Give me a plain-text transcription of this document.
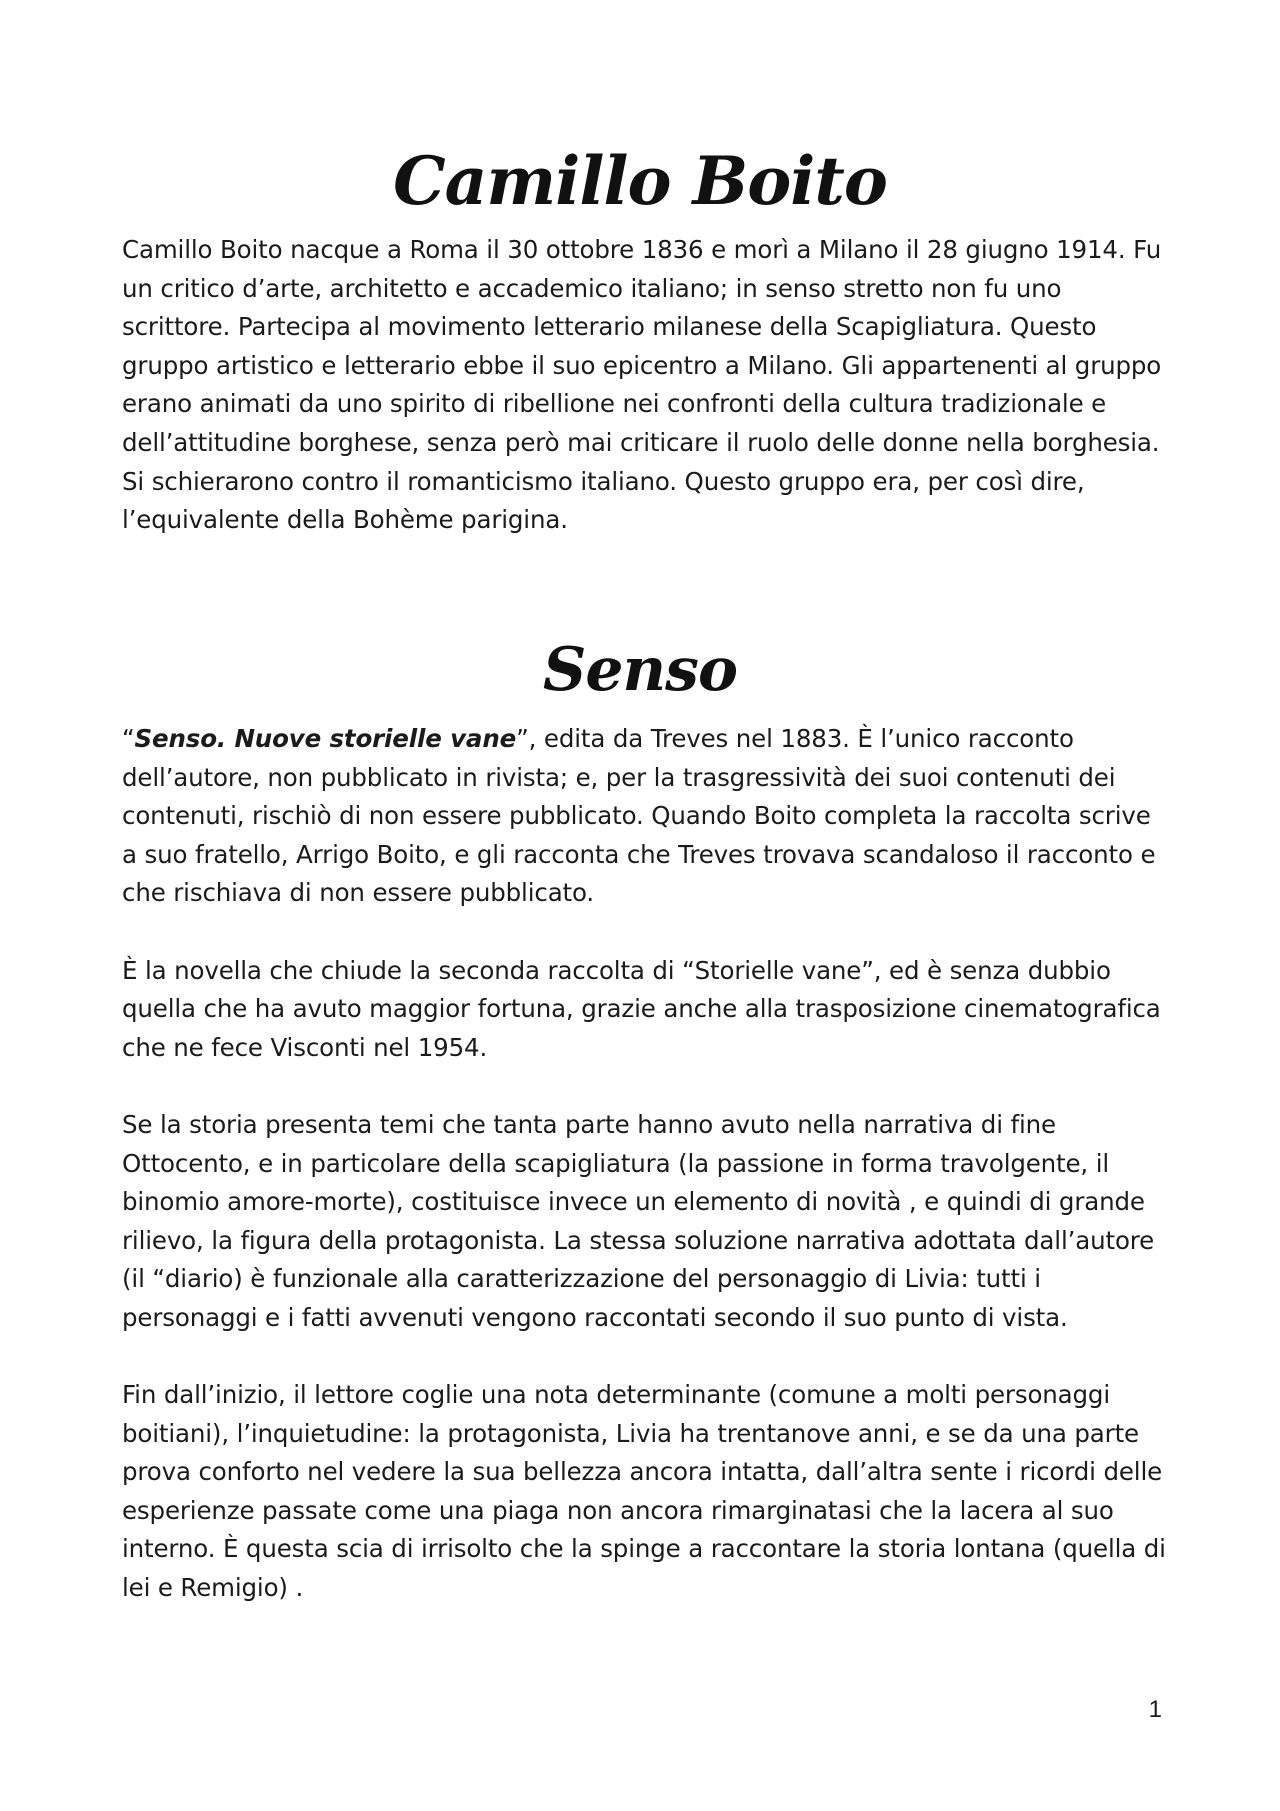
Camillo Boito

Camillo Boito nacque a Roma il 30 ottobre 1836 e morì a Milano il 28 giugno 1914. Fu un critico d’arte, architetto e accademico italiano; in senso stretto non fu uno scrittore. Partecipa al movimento letterario milanese della Scapigliatura. Questo gruppo artistico e letterario ebbe il suo epicentro a Milano. Gli appartenenti al gruppo erano animati da uno spirito di ribellione nei confronti della cultura tradizionale e dell’attitudine borghese, senza però mai criticare il ruolo delle donne nella borghesia. Si schierarono contro il romanticismo italiano. Questo gruppo era, per così dire, l’equivalente della Bohème parigina.

Senso

“Senso. Nuove storielle vane”, edita da Treves nel 1883. È l’unico racconto dell’autore, non pubblicato in rivista; e, per la trasgressività dei suoi contenuti dei contenuti, rischiò di non essere pubblicato. Quando Boito completa la raccolta scrive a suo fratello, Arrigo Boito, e gli racconta che Treves trovava scandaloso il racconto e che rischiava di non essere pubblicato.

È la novella che chiude la seconda raccolta di “Storielle vane”, ed è senza dubbio quella che ha avuto maggior fortuna, grazie anche alla trasposizione cinematografica che ne fece Visconti nel 1954.

Se la storia presenta temi che tanta parte hanno avuto nella narrativa di fine Ottocento, e in particolare della scapigliatura (la passione in forma travolgente, il binomio amore-morte), costituisce invece un elemento di novità , e quindi di grande rilievo, la figura della protagonista. La stessa soluzione narrativa adottata dall’autore (il “diario) è funzionale alla caratterizzazione del personaggio di Livia: tutti i personaggi e i fatti avvenuti vengono raccontati secondo il suo punto di vista.

Fin dall’inizio, il lettore coglie una nota determinante (comune a molti personaggi boitiani), l’inquietudine: la protagonista, Livia ha trentanove anni, e se da una parte prova conforto nel vedere la sua bellezza ancora intatta, dall’altra sente i ricordi delle esperienze passate come una piaga non ancora rimarginatasi che la lacera al suo interno. È questa scia di irrisolto che la spinge a raccontare la storia lontana (quella di lei e Remigio) .

1
